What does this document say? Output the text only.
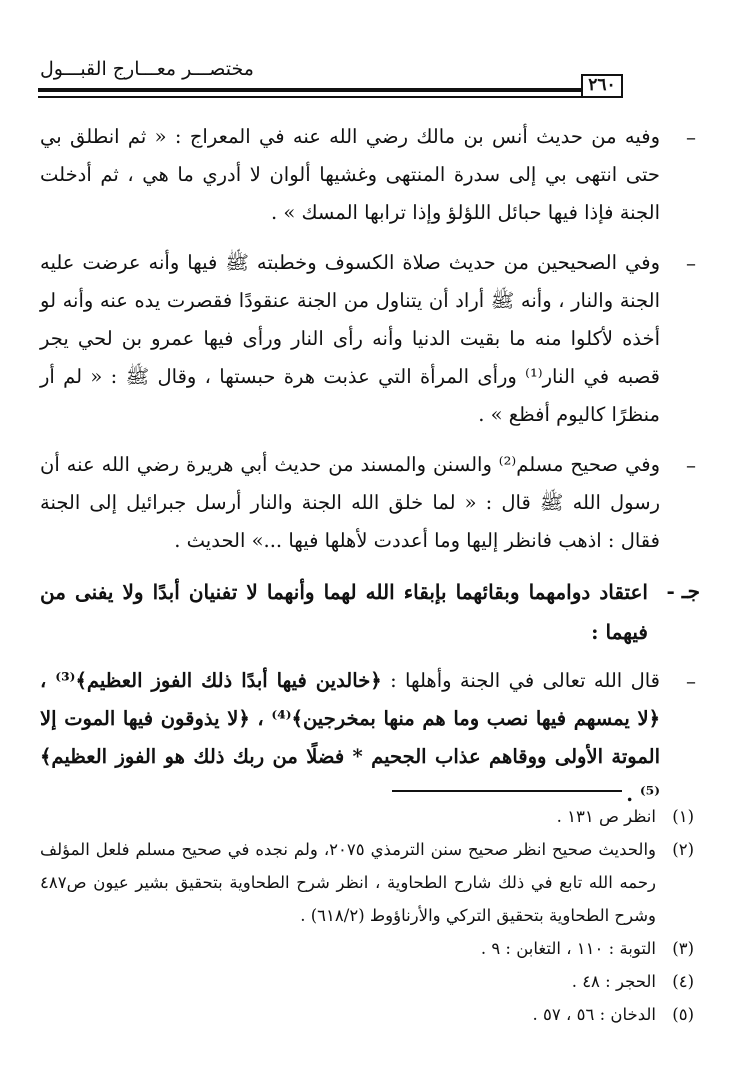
مختصـــر معـــارج القبـــول
٢٦٠
–
وفيه من حديث أنس بن مالك رضي الله عنه في المعراج : « ثم انطلق بي حتى انتهى بي إلى سدرة المنتهى وغشيها ألوان لا أدري ما هي ، ثم أدخلت الجنة فإذا فيها حبائل اللؤلؤ وإذا ترابها المسك » .
–
وفي الصحيحين من حديث صلاة الكسوف وخطبته ﷺ فيها وأنه عرضت عليه الجنة والنار ، وأنه ﷺ أراد أن يتناول من الجنة عنقودًا فقصرت يده عنه وأنه لو أخذه لأكلوا منه ما بقيت الدنيا وأنه رأى النار ورأى فيها عمرو بن لحي يجر قصبه في النار⁽¹⁾ ورأى المرأة التي عذبت هرة حبستها ، وقال ﷺ : « لم أر منظرًا كاليوم أفظع » .
–
وفي صحيح مسلم⁽²⁾ والسنن والمسند من حديث أبي هريرة رضي الله عنه أن رسول الله ﷺ قال : « لما خلق الله الجنة والنار أرسل جبرائيل إلى الجنة فقال : اذهب فانظر إليها وما أعددت لأهلها فيها ...» الحديث .
جـ -
اعتقاد دوامهما وبقائهما بإبقاء الله لهما وأنهما لا تفنيان أبدًا ولا يفنى من فيهما :
–
قال الله تعالى في الجنة وأهلها : ﴿خالدين فيها أبدًا ذلك الفوز العظيم﴾⁽³⁾ ، ﴿لا يمسهم فيها نصب وما هم منها بمخرجين﴾⁽⁴⁾ ، ﴿لا يذوقون فيها الموت إلا الموتة الأولى ووقاهم عذاب الجحيم * فضلًا من ربك ذلك هو الفوز العظيم﴾⁽⁵⁾ .
(١)
انظر ص ١٣١ .
(٢)
والحديث صحيح انظر صحيح سنن الترمذي ٢٠٧٥، ولم نجده في صحيح مسلم فلعل المؤلف رحمه الله تابع في ذلك شارح الطحاوية ، انظر شرح الطحاوية بتحقيق بشير عيون ص٤٨٧ وشرح الطحاوية بتحقيق التركي والأرناؤوط (٦١٨/٢) .
(٣)
التوبة : ١١٠ ، التغابن : ٩ .
(٤)
الحجر : ٤٨ .
(٥)
الدخان : ٥٦ ، ٥٧ .
